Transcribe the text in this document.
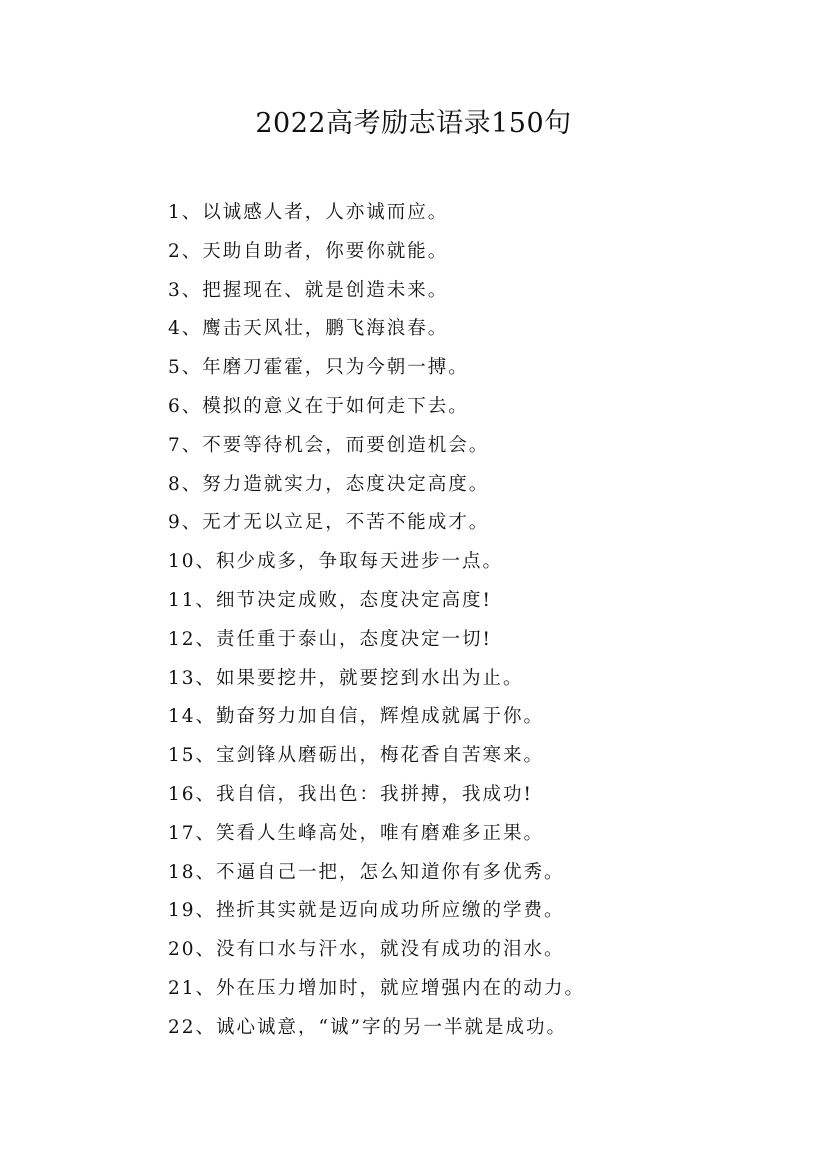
2022高考励志语录150句
1、以诚感人者，人亦诚而应。
2、天助自助者，你要你就能。
3、把握现在、就是创造未来。
4、鹰击天风壮，鹏飞海浪春。
5、年磨刀霍霍，只为今朝一搏。
6、模拟的意义在于如何走下去。
7、不要等待机会，而要创造机会。
8、努力造就实力，态度决定高度。
9、无才无以立足，不苦不能成才。
10、积少成多，争取每天进步一点。
11、细节决定成败，态度决定高度!
12、责任重于泰山，态度决定一切!
13、如果要挖井，就要挖到水出为止。
14、勤奋努力加自信，辉煌成就属于你。
15、宝剑锋从磨砺出，梅花香自苦寒来。
16、我自信，我出色：我拼搏，我成功!
17、笑看人生峰高处，唯有磨难多正果。
18、不逼自己一把，怎么知道你有多优秀。
19、挫折其实就是迈向成功所应缴的学费。
20、没有口水与汗水，就没有成功的泪水。
21、外在压力增加时，就应增强内在的动力。
22、诚心诚意，“诚”字的另一半就是成功。
